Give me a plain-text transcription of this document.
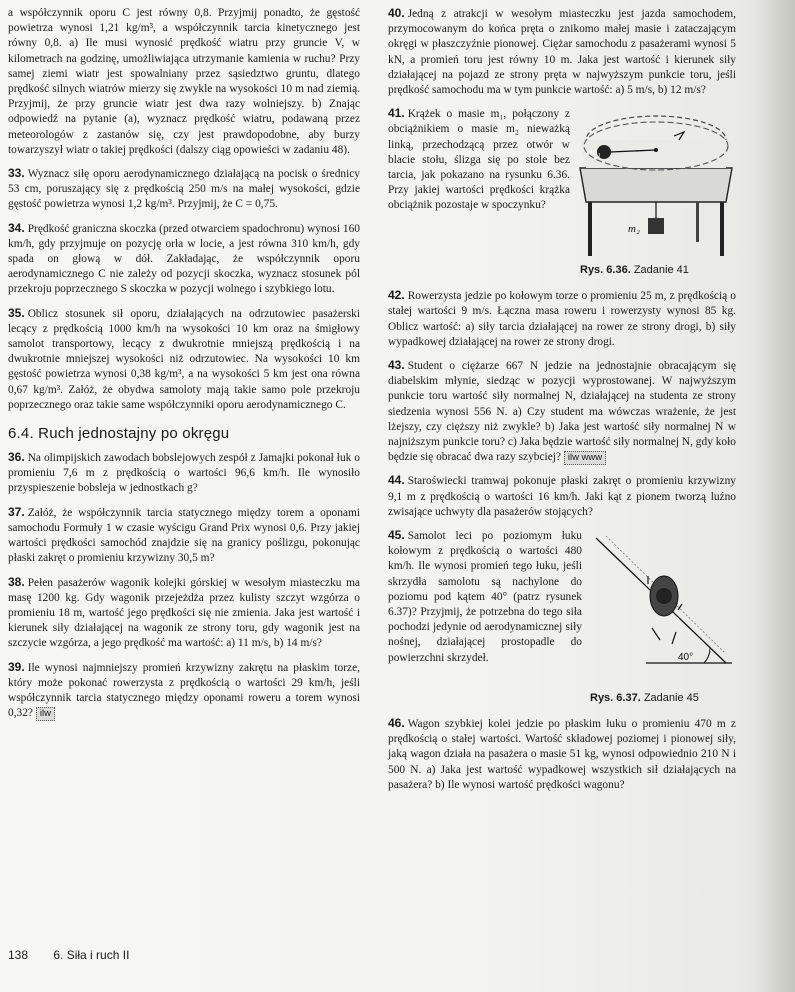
a współczynnik oporu C jest równy 0,8. Przyjmij ponadto, że gęstość powietrza wynosi 1,21 kg/m³, a współczynnik tarcia kinetycznego jest równy 0,8. a) Ile musi wynosić prędkość wiatru przy gruncie V, w kilometrach na godzinę, umożliwiająca utrzymanie kamienia w ruchu? Przy samej ziemi wiatr jest spowalniany przez sąsiedztwo gruntu, dlatego prędkość silnych wiatrów mierzy się zwykle na wysokości 10 m nad ziemią. Przyjmij, że przy gruncie wiatr jest dwa razy wolniejszy. b) Znając odpowiedź na pytanie (a), wyznacz prędkość wiatru, podawaną przez meteorologów z zastanów się, czy jest prawdopodobne, aby burzy towarzyszył wiatr o takiej prędkości (dalszy ciąg opowieści w zadaniu 48).

33. Wyznacz siłę oporu aerodynamicznego działającą na pocisk o średnicy 53 cm, poruszający się z prędkością 250 m/s na małej wysokości, gdzie gęstość powietrza wynosi 1,2 kg/m³. Przyjmij, że C = 0,75.

34. Prędkość graniczna skoczka (przed otwarciem spadochronu) wynosi 160 km/h, gdy przyjmuje on pozycję orła w locie, a jest równa 310 km/h, gdy spada on głową w dół. Zakładając, że współczynnik oporu aerodynamicznego C nie zależy od pozycji skoczka, wyznacz stosunek pól przekroju poprzecznego S skoczka w pozycji wolnego i szybkiego lotu.

35. Oblicz stosunek sił oporu, działających na odrzutowiec pasażerski lecący z prędkością 1000 km/h na wysokości 10 km oraz na śmigłowy samolot transportowy, lecący z dwukrotnie mniejszą prędkością i na dwukrotnie mniejszej wysokości niż odrzutowiec. Na wysokości 10 km gęstość powietrza wynosi 0,38 kg/m³, a na wysokości 5 km jest ona równa 0,67 kg/m³. Załóż, że obydwa samoloty mają takie samo pole przekroju poprzecznego oraz takie same współczynniki oporu aerodynamicznego C.

6.4. Ruch jednostajny po okręgu

36. Na olimpijskich zawodach bobslejowych zespół z Jamajki pokonał łuk o promieniu 7,6 m z prędkością o wartości 96,6 km/h. Ile wynosiło przyspieszenie bobsleja w jednostkach g?

37. Załóż, że współczynnik tarcia statycznego między torem a oponami samochodu Formuły 1 w czasie wyścigu Grand Prix wynosi 0,6. Przy jakiej wartości prędkości samochód znajdzie się na granicy poślizgu, pokonując płaski zakręt o promieniu krzywizny 30,5 m?

38. Pełen pasażerów wagonik kolejki górskiej w wesołym miasteczku ma masę 1200 kg. Gdy wagonik przejeżdża przez kulisty szczyt wzgórza o promieniu 18 m, wartość jego prędkości się nie zmienia. Jaka jest wartość i kierunek siły działającej na wagonik ze strony toru, gdy wagonik jest na szczycie wzgórza, a jego prędkość ma wartość: a) 11 m/s, b) 14 m/s?

39. Ile wynosi najmniejszy promień krzywizny zakrętu na płaskim torze, który może pokonać rowerzysta z prędkością o wartości 29 km/h, jeśli współczynnik tarcia statycznego między oponami roweru a torem wynosi 0,32? ilw

40. Jedną z atrakcji w wesołym miasteczku jest jazda samochodem, przymocowanym do końca pręta o znikomo małej masie i zataczającym okręgi w płaszczyźnie pionowej. Ciężar samochodu z pasażerami wynosi 5 kN, a promień toru jest równy 10 m. Jaka jest wartość i kierunek siły działającej na pojazd ze strony pręta w najwyższym punkcie toru, jeśli prędkość samochodu ma w tym punkcie wartość: a) 5 m/s, b) 12 m/s?

m₁
m₂
Rys. 6.36. Zadanie 41
41. Krążek o masie m₁, połączony z obciążnikiem o masie m₂ nieważką linką, przechodzącą przez otwór w blacie stołu, ślizga się po stole bez tarcia, jak pokazano na rysunku 6.36. Przy jakiej wartości prędkości krążka obciążnik pozostaje w spoczynku?

42. Rowerzysta jedzie po kołowym torze o promieniu 25 m, z prędkością o stałej wartości 9 m/s. Łączna masa roweru i rowerzysty wynosi 85 kg. Oblicz wartość: a) siły tarcia działającej na rower ze strony drogi, b) siły wypadkowej działającej na rower ze strony drogi.

43. Student o ciężarze 667 N jedzie na jednostajnie obracającym się diabelskim młynie, siedząc w pozycji wyprostowanej. W najwyższym punkcie toru wartość siły normalnej N, działającej na studenta ze strony siedzenia wynosi 556 N. a) Czy student ma wówczas wrażenie, że jest lżejszy, czy cięższy niż zwykle? b) Jaka jest wartość siły normalnej N w najniższym punkcie toru? c) Jaka będzie wartość siły normalnej N, gdy koło będzie się obracać dwa razy szybciej? ilw www

44. Staroświecki tramwaj pokonuje płaski zakręt o promieniu krzywizny 9,1 m z prędkością o wartości 16 km/h. Jaki kąt z pionem tworzą luźno zwisające uchwyty dla pasażerów stojących?

40°
Rys. 6.37. Zadanie 45
45. Samolot leci po poziomym łuku kołowym z prędkością o wartości 480 km/h. Ile wynosi promień tego łuku, jeśli skrzydła samolotu są nachylone do poziomu pod kątem 40° (patrz rysunek 6.37)? Przyjmij, że potrzebna do tego siła pochodzi jedynie od aerodynamicznej siły nośnej, działającej prostopadle do powierzchni skrzydeł.

46. Wagon szybkiej kolei jedzie po płaskim łuku o promieniu 470 m z prędkością o stałej wartości. Wartość składowej poziomej i pionowej siły, jaką wagon działa na pasażera o masie 51 kg, wynosi odpowiednio 210 N i 500 N. a) Jaka jest wartość wypadkowej wszystkich sił działających na pasażera? b) Ile wynosi wartość prędkości wagonu?

138 6. Siła i ruch II
